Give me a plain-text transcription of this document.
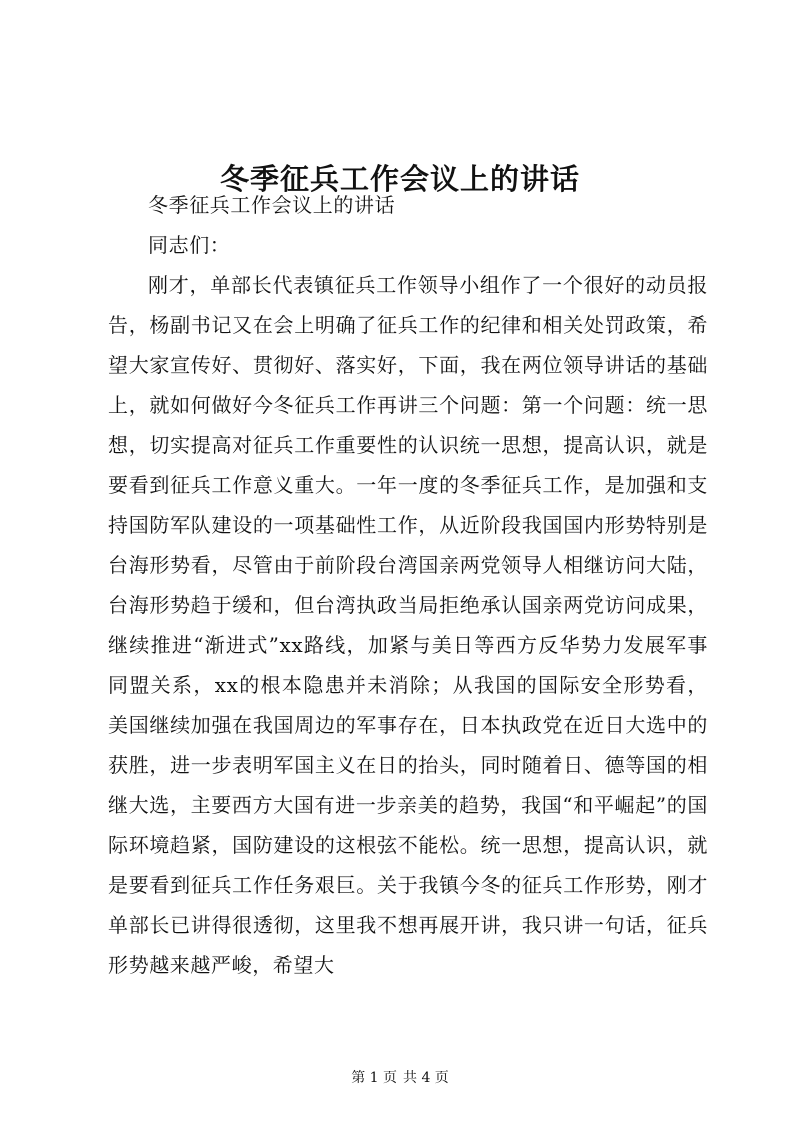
冬季征兵工作会议上的讲话

冬季征兵工作会议上的讲话

同志们：

刚才，单部长代表镇征兵工作领导小组作了一个很好的动员报告，杨副书记又在会上明确了征兵工作的纪律和相关处罚政策，希望大家宣传好、贯彻好、落实好，下面，我在两位领导讲话的基础上，就如何做好今冬征兵工作再讲三个问题：第一个问题：统一思想，切实提高对征兵工作重要性的认识统一思想，提高认识，就是要看到征兵工作意义重大。一年一度的冬季征兵工作，是加强和支持国防军队建设的一项基础性工作，从近阶段我国国内形势特别是台海形势看，尽管由于前阶段台湾国亲两党领导人相继访问大陆，台海形势趋于缓和，但台湾执政当局拒绝承认国亲两党访问成果，继续推进“渐进式”xx路线，加紧与美日等西方反华势力发展军事同盟关系，xx的根本隐患并未消除；从我国的国际安全形势看，美国继续加强在我国周边的军事存在，日本执政党在近日大选中的获胜，进一步表明军国主义在日的抬头，同时随着日、德等国的相继大选，主要西方大国有进一步亲美的趋势，我国“和平崛起”的国际环境趋紧，国防建设的这根弦不能松。统一思想，提高认识，就是要看到征兵工作任务艰巨。关于我镇今冬的征兵工作形势，刚才单部长已讲得很透彻，这里我不想再展开讲，我只讲一句话，征兵形势越来越严峻，希望大

第 1 页 共 4 页
